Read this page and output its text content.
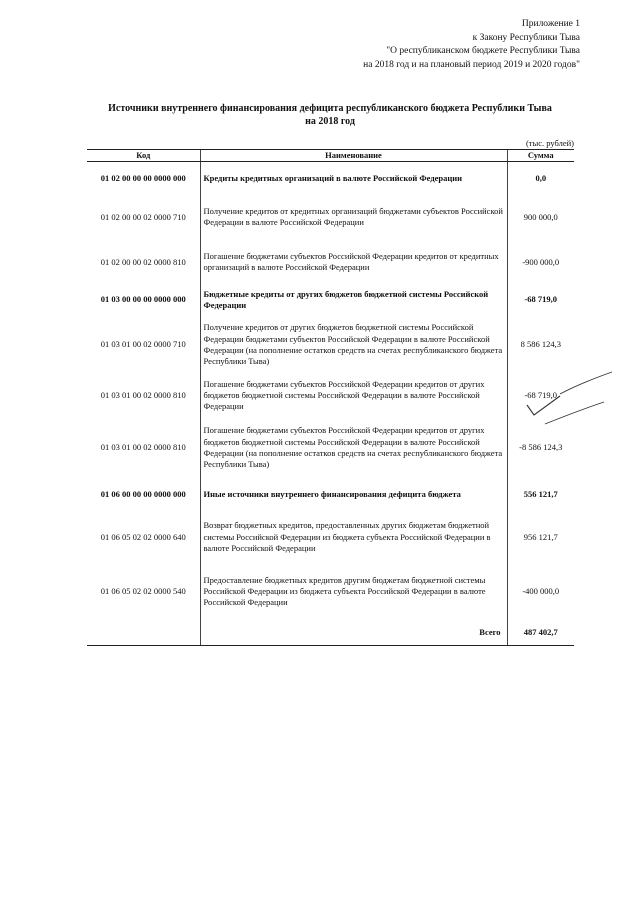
Приложение 1
к Закону Республики Тыва
"О республиканском бюджете Республики Тыва
на 2018 год и на плановый период 2019 и 2020 годов"
Источники внутреннего финансирования дефицита республиканского бюджета Республики Тыва
на 2018 год
(тыс. рублей)
Код	Наименование	Сумма
01 02 00 00 00 0000 000	Кредиты кредитных организаций в валюте Российской Федерации	0,0
01 02 00 00 02 0000 710	Получение кредитов от кредитных организаций бюджетами субъектов Российской Федерации в валюте Российской Федерации	900 000,0
01 02 00 00 02 0000 810	Погашение бюджетами субъектов Российской Федерации кредитов от кредитных организаций в валюте Российской Федерации	-900 000,0
01 03 00 00 00 0000 000	Бюджетные кредиты от других бюджетов бюджетной системы Российской Федерации	-68 719,0
01 03 01 00 02 0000 710	Получение кредитов от других бюджетов бюджетной системы Российской Федерации бюджетами субъектов Российской Федерации в валюте Российской Федерации (на пополнение остатков средств на счетах республиканского бюджета Республики Тыва)	8 586 124,3
01 03 01 00 02 0000 810	Погашение бюджетами субъектов Российской Федерации кредитов от других бюджетов бюджетной системы Российской Федерации в валюте Российской Федерации	-68 719,0
01 03 01 00 02 0000 810	Погашение бюджетами субъектов Российской Федерации кредитов от других бюджетов бюджетной системы Российской Федерации в валюте Российской Федерации (на пополнение остатков средств на счетах республиканского бюджета Республики Тыва)	-8 586 124,3
01 06 00 00 00 0000 000	Иные источники внутреннего финансирования дефицита бюджета	556 121,7
01 06 05 02 02 0000 640	Возврат бюджетных кредитов, предоставленных других бюджетам бюджетной системы Российской Федерации из бюджета субъекта Российской Федерации в валюте Российской Федерации	956 121,7
01 06 05 02 02 0000 540	Предоставление бюджетных кредитов другим бюджетам бюджетной системы Российской Федерации из бюджета субъекта Российской Федерации в валюте Российской Федерации	-400 000,0
	Всего	487 402,7
